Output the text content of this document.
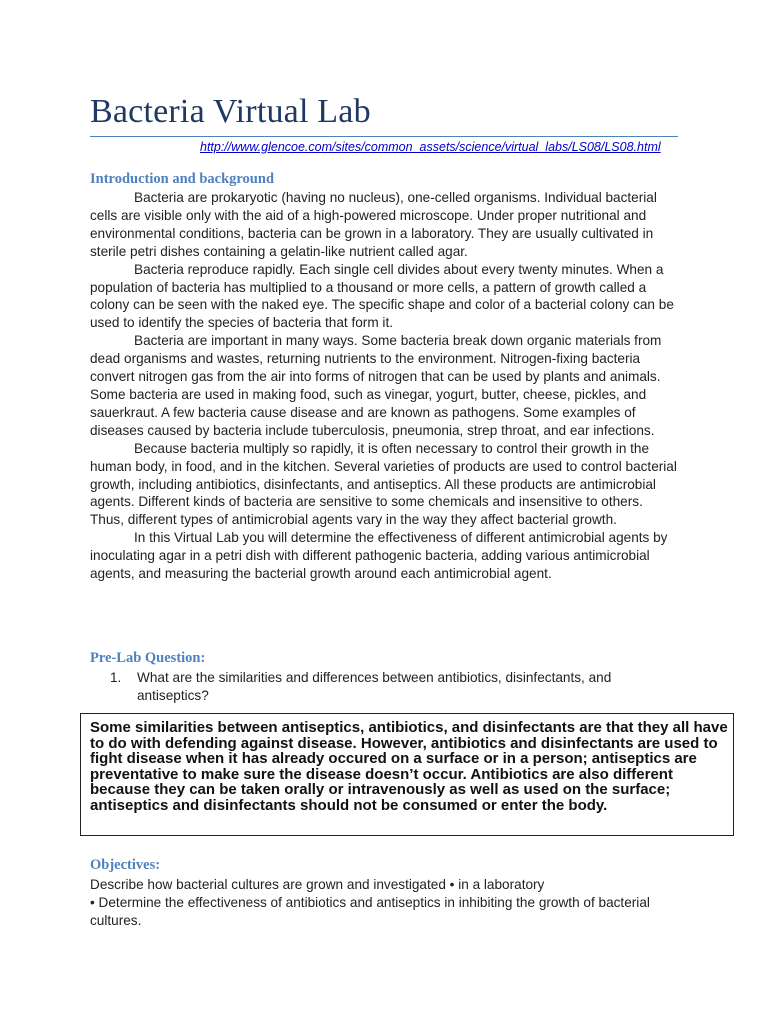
Bacteria Virtual Lab
http://www.glencoe.com/sites/common_assets/science/virtual_labs/LS08/LS08.html
Introduction and background

Bacteria are prokaryotic (having no nucleus), one-celled organisms. Individual bacterial cells are visible only with the aid of a high-powered microscope. Under proper nutritional and environmental conditions, bacteria can be grown in a laboratory. They are usually cultivated in sterile petri dishes containing a gelatin-like nutrient called agar.

Bacteria reproduce rapidly. Each single cell divides about every twenty minutes. When a population of bacteria has multiplied to a thousand or more cells, a pattern of growth called a colony can be seen with the naked eye. The specific shape and color of a bacterial colony can be used to identify the species of bacteria that form it.

Bacteria are important in many ways. Some bacteria break down organic materials from dead organisms and wastes, returning nutrients to the environment. Nitrogen-fixing bacteria convert nitrogen gas from the air into forms of nitrogen that can be used by plants and animals. Some bacteria are used in making food, such as vinegar, yogurt, butter, cheese, pickles, and sauerkraut. A few bacteria cause disease and are known as pathogens. Some examples of diseases caused by bacteria include tuberculosis, pneumonia, strep throat, and ear infections.

Because bacteria multiply so rapidly, it is often necessary to control their growth in the human body, in food, and in the kitchen. Several varieties of products are used to control bacterial growth, including antibiotics, disinfectants, and antiseptics. All these products are antimicrobial agents. Different kinds of bacteria are sensitive to some chemicals and insensitive to others. Thus, different types of antimicrobial agents vary in the way they affect bacterial growth.

In this Virtual Lab you will determine the effectiveness of different antimicrobial agents by inoculating agar in a petri dish with different pathogenic bacteria, adding various antimicrobial agents, and measuring the bacterial growth around each antimicrobial agent.

Pre-Lab Question:
1. What are the similarities and differences between antibiotics, disinfectants, and antiseptics?
Some similarities between antiseptics, antibiotics, and disinfectants are that they all have to do with defending against disease. However, antibiotics and disinfectants are used to fight disease when it has already occured on a surface or in a person; antiseptics are preventative to make sure the disease doesn’t occur. Antibiotics are also different because they can be taken orally or intravenously as well as used on the surface; antiseptics and disinfectants should not be consumed or enter the body.
Objectives:
Describe how bacterial cultures are grown and investigated • in a laboratory
• Determine the effectiveness of antibiotics and antiseptics in inhibiting the growth of bacterial cultures.
